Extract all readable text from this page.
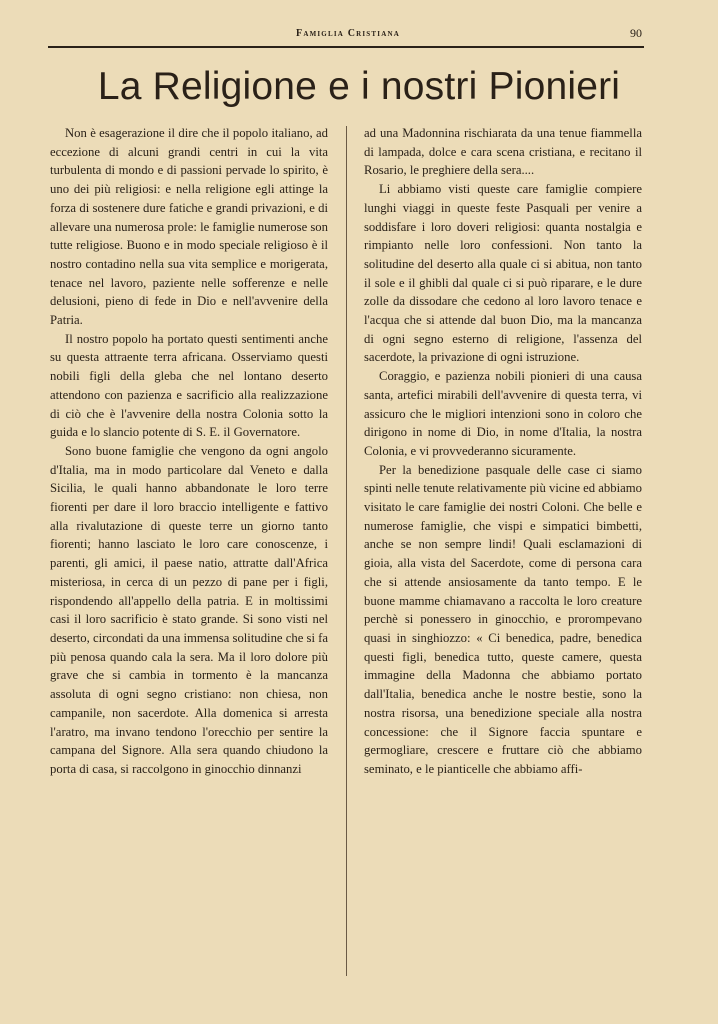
Famiglia Cristiana	90
La Religione e i nostri Pionieri

Non è esagerazione il dire che il popolo italiano, ad eccezione di alcuni grandi centri in cui la vita turbulenta di mondo e di passioni pervade lo spirito, è uno dei più religiosi: e nella religione egli attinge la forza di sostenere dure fatiche e grandi privazioni, e di allevare una numerosa prole: le famiglie numerose son tutte religiose. Buono e in modo speciale religioso è il nostro contadino nella sua vita semplice e morigerata, tenace nel lavoro, paziente nelle sofferenze e nelle delusioni, pieno di fede in Dio e nell'avvenire della Patria.

Il nostro popolo ha portato questi sentimenti anche su questa attraente terra africana. Osserviamo questi nobili figli della gleba che nel lontano deserto attendono con pazienza e sacrificio alla realizzazione di ciò che è l'avvenire della nostra Colonia sotto la guida e lo slancio potente di S. E. il Governatore.

Sono buone famiglie che vengono da ogni angolo d'Italia, ma in modo particolare dal Veneto e dalla Sicilia, le quali hanno abbandonate le loro terre fiorenti per dare il loro braccio intelligente e fattivo alla rivalutazione di queste terre un giorno tanto fiorenti; hanno lasciato le loro care conoscenze, i parenti, gli amici, il paese natio, attratte dall'Africa misteriosa, in cerca di un pezzo di pane per i figli, rispondendo all'appello della patria. E in moltissimi casi il loro sacrificio è stato grande. Si sono visti nel deserto, circondati da una immensa solitudine che si fa più penosa quando cala la sera. Ma il loro dolore più grave che si cambia in tormento è la mancanza assoluta di ogni segno cristiano: non chiesa, non campanile, non sacerdote. Alla domenica si arresta l'aratro, ma invano tendono l'orecchio per sentire la campana del Signore. Alla sera quando chiudono la porta di casa, si raccolgono in ginocchio dinnanzi

ad una Madonnina rischiarata da una tenue fiammella di lampada, dolce e cara scena cristiana, e recitano il Rosario, le preghiere della sera....

Li abbiamo visti queste care famiglie compiere lunghi viaggi in queste feste Pasquali per venire a soddisfare i loro doveri religiosi: quanta nostalgia e rimpianto nelle loro confessioni. Non tanto la solitudine del deserto alla quale ci si abitua, non tanto il sole e il ghibli dal quale ci si può riparare, e le dure zolle da dissodare che cedono al loro lavoro tenace e l'acqua che si attende dal buon Dio, ma la mancanza di ogni segno esterno di religione, l'assenza del sacerdote, la privazione di ogni istruzione.

Coraggio, e pazienza nobili pionieri di una causa santa, artefici mirabili dell'avvenire di questa terra, vi assicuro che le migliori intenzioni sono in coloro che dirigono in nome di Dio, in nome d'Italia, la nostra Colonia, e vi provvederanno sicuramente.

Per la benedizione pasquale delle case ci siamo spinti nelle tenute relativamente più vicine ed abbiamo visitato le care famiglie dei nostri Coloni. Che belle e numerose famiglie, che vispi e simpatici bimbetti, anche se non sempre lindi! Quali esclamazioni di gioia, alla vista del Sacerdote, come di persona cara che si attende ansiosamente da tanto tempo. E le buone mamme chiamavano a raccolta le loro creature perchè si ponessero in ginocchio, e prorompevano quasi in singhiozzo: « Ci benedica, padre, benedica questi figli, benedica tutto, queste camere, questa immagine della Madonna che abbiamo portato dall'Italia, benedica anche le nostre bestie, sono la nostra risorsa, una benedizione speciale alla nostra concessione: che il Signore faccia spuntare e germogliare, crescere e fruttare ciò che abbiamo seminato, e le pianticelle che abbiamo affi-
